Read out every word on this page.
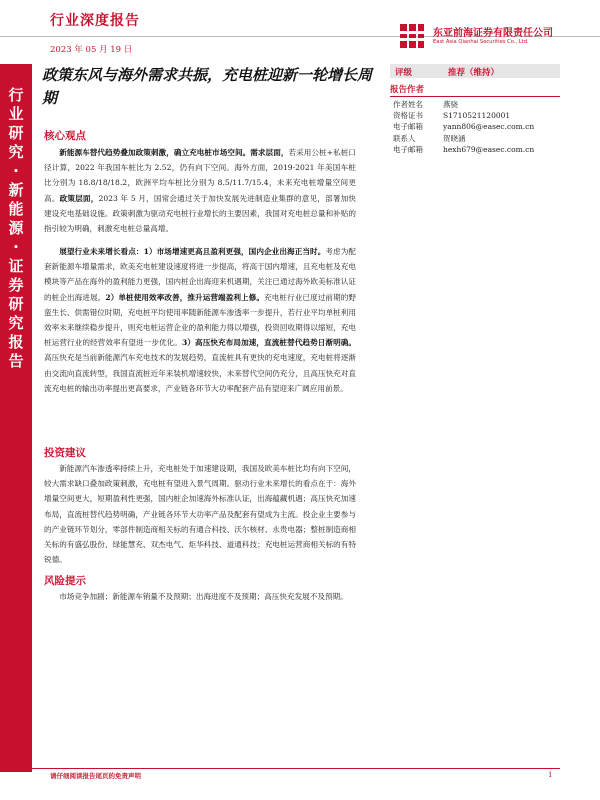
行业深度报告
2023 年 05 月 19 日
东亚前海证券有限责任公司
East Asia Qianhai Securities Co., Ltd.
行业研究·新能源·证券研究报告
政策东风与海外需求共振，充电桩迎新一轮增长周期
评级	推荐（维持）
报告作者
作者姓名	燕骁
资格证书	S1710521120001
电子邮箱	yann806@easec.com.cn
联系人	贺晓涵
电子邮箱	hexh679@easec.com.cn
核心观点

新能源车替代趋势叠加政策刺激，确立充电桩市场空间。需求层面，若采用公桩+私桩口径计算，2022 年我国车桩比为 2.52，仍有向下空间。海外方面，2019-2021 年美国车桩比分别为 18.8/18/18.2，欧洲平均车桩比分别为 8.5/11.7/15.4，未来充电桩增量空间更高。政策层面，2023 年 5 月，国常会通过关于加快发展先进制造业集群的意见，部署加快建设充电基础设施。政策刺激为驱动充电桩行业增长的主要因素，我国对充电桩总量和补贴的指引较为明确，刺激充电桩总量高增。

展望行业未来增长看点：1）市场增速更高且盈利更强，国内企业出海正当时。考虑为配套新能源车增量需求，欧美充电桩建设速度将进一步提高，将高于国内增速，且充电桩及充电模块等产品在海外的盈利能力更强，国内桩企出海迎来机遇期，关注已通过海外欧美标准认证的桩企出海进展。2）单桩使用效率改善，推升运营端盈利上修。充电桩行业已度过前期的野蛮生长、供需错位时期，充电桩平均使用率随新能源车渗透率一步提升，若行业平均单桩利用效率未来继续稳步提升，则充电桩运营企业的盈利能力得以增强，投资回收期得以缩短，充电桩运营行业的经营效率有望进一步优化。3）高压快充布局加速，直流桩替代趋势日渐明确。高压快充是当前新能源汽车充电技术的发展趋势，直流桩具有更快的充电速度，充电桩将逐渐由交流向直流转型，我国直流桩近年来装机增速较快，未来替代空间仍充分，且高压快充对直流充电桩的输出功率提出更高要求，产业链各环节大功率配套产品有望迎来广阔应用前景。

投资建议

新能源汽车渗透率持续上升，充电桩处于加速建设期，我国及欧美车桩比均有向下空间，较大需求缺口叠加政策刺激，充电桩有望进入景气周期。驱动行业未来增长的看点在于：海外增量空间更大，短期盈利性更强，国内桩企加速海外标准认证，出海蕴藏机遇；高压快充加速布局，直流桩替代趋势明确，产业链各环节大功率产品及配套有望成为主流。投企业主要参与的产业链环节划分，零部件制造商相关标的有通合科技、沃尔核材、永贵电器；整桩制造商相关标的有盛弘股份、绿能慧充、双杰电气、炬华科技、道通科技；充电桩运营商相关标的有特锐德。

风险提示

市场竞争加剧；新能源车销量不及预期；出海进度不及预期；高压快充发展不及预期。

请仔细阅读报告尾页的免责声明	1
